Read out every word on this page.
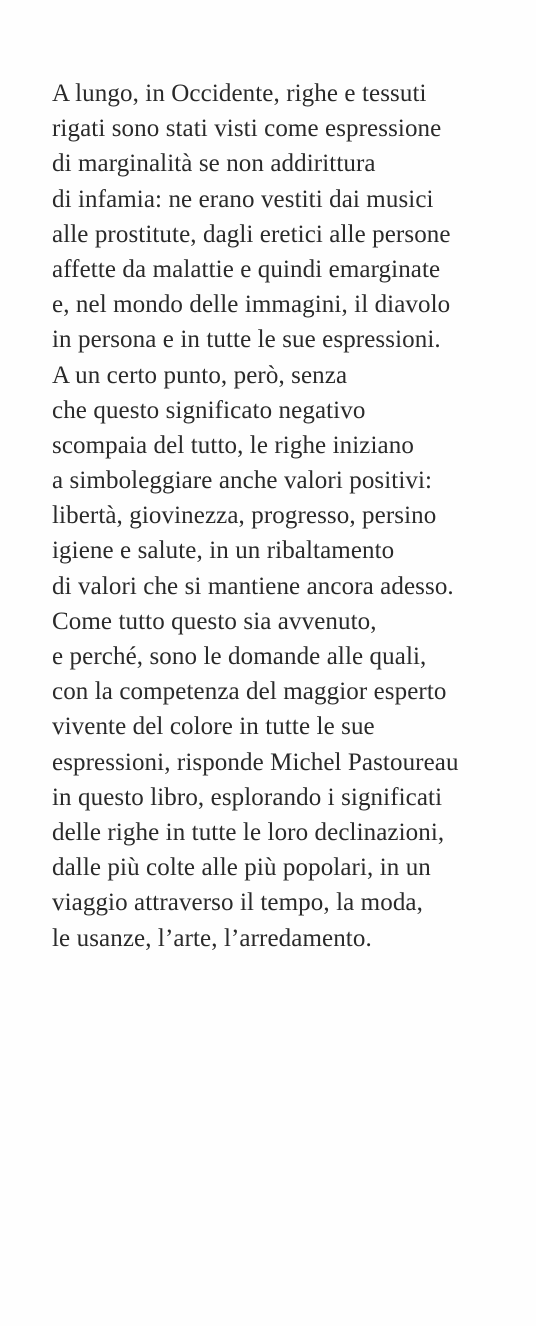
A lungo, in Occidente, righe e tessuti
rigati sono stati visti come espressione
di marginalità se non addirittura
di infamia: ne erano vestiti dai musici
alle prostitute, dagli eretici alle persone
affette da malattie e quindi emarginate
e, nel mondo delle immagini, il diavolo
in persona e in tutte le sue espressioni.
A un certo punto, però, senza
che questo significato negativo
scompaia del tutto, le righe iniziano
a simboleggiare anche valori positivi:
libertà, giovinezza, progresso, persino
igiene e salute, in un ribaltamento
di valori che si mantiene ancora adesso.
Come tutto questo sia avvenuto,
e perché, sono le domande alle quali,
con la competenza del maggior esperto
vivente del colore in tutte le sue
espressioni, risponde Michel Pastoureau
in questo libro, esplorando i significati
delle righe in tutte le loro declinazioni,
dalle più colte alle più popolari, in un
viaggio attraverso il tempo, la moda,
le usanze, l’arte, l’arredamento.
